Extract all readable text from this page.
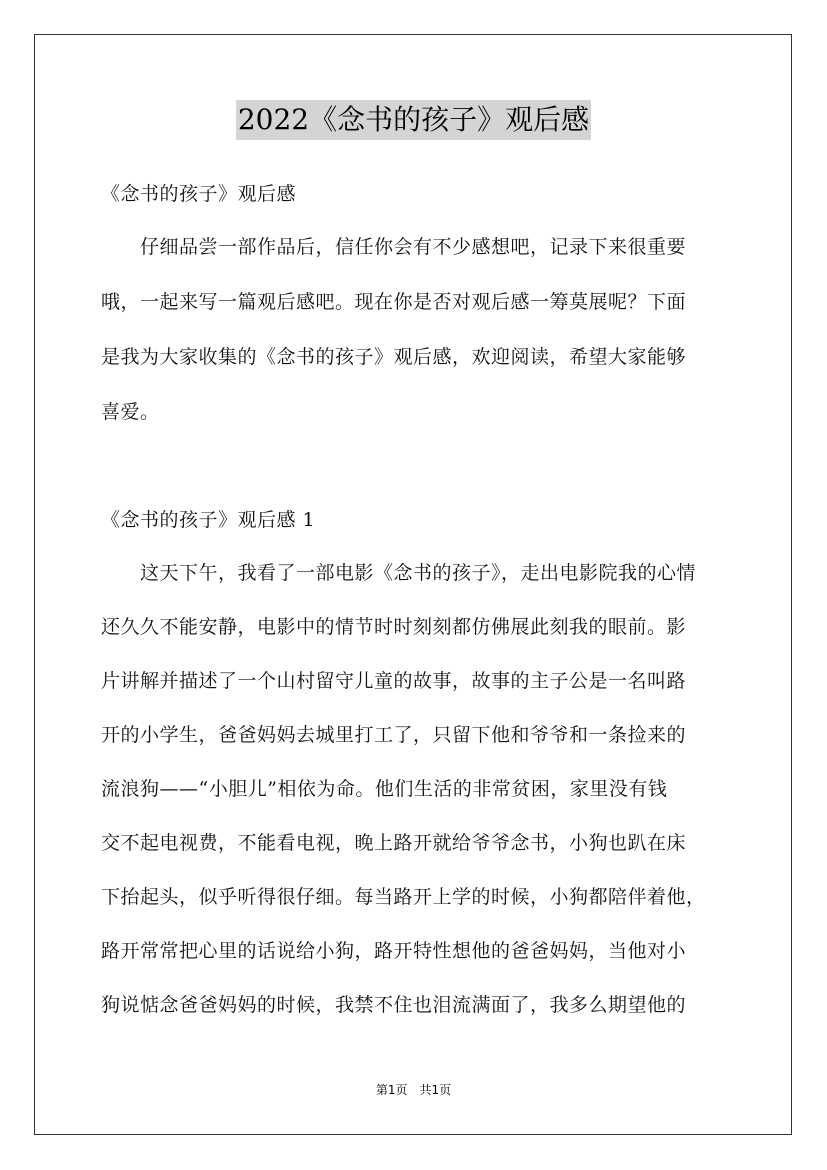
2022《念书的孩子》观后感
《念书的孩子》观后感
　　仔细品尝一部作品后，信任你会有不少感想吧，记录下来很重要
哦，一起来写一篇观后感吧。现在你是否对观后感一筹莫展呢？下面
是我为大家收集的《念书的孩子》观后感，欢迎阅读，希望大家能够
喜爱。
《念书的孩子》观后感 1
　　这天下午，我看了一部电影《念书的孩子》，走出电影院我的心情
还久久不能安静，电影中的情节时时刻刻都仿佛展此刻我的眼前。影
片讲解并描述了一个山村留守儿童的故事，故事的主子公是一名叫路
开的小学生，爸爸妈妈去城里打工了，只留下他和爷爷和一条捡来的
流浪狗——“小胆儿”相依为命。他们生活的非常贫困，家里没有钱
交不起电视费，不能看电视，晚上路开就给爷爷念书，小狗也趴在床
下抬起头，似乎听得很仔细。每当路开上学的时候，小狗都陪伴着他，
路开常常把心里的话说给小狗，路开特性想他的爸爸妈妈，当他对小
狗说惦念爸爸妈妈的时候，我禁不住也泪流满面了，我多么期望他的
第1页　共1页
